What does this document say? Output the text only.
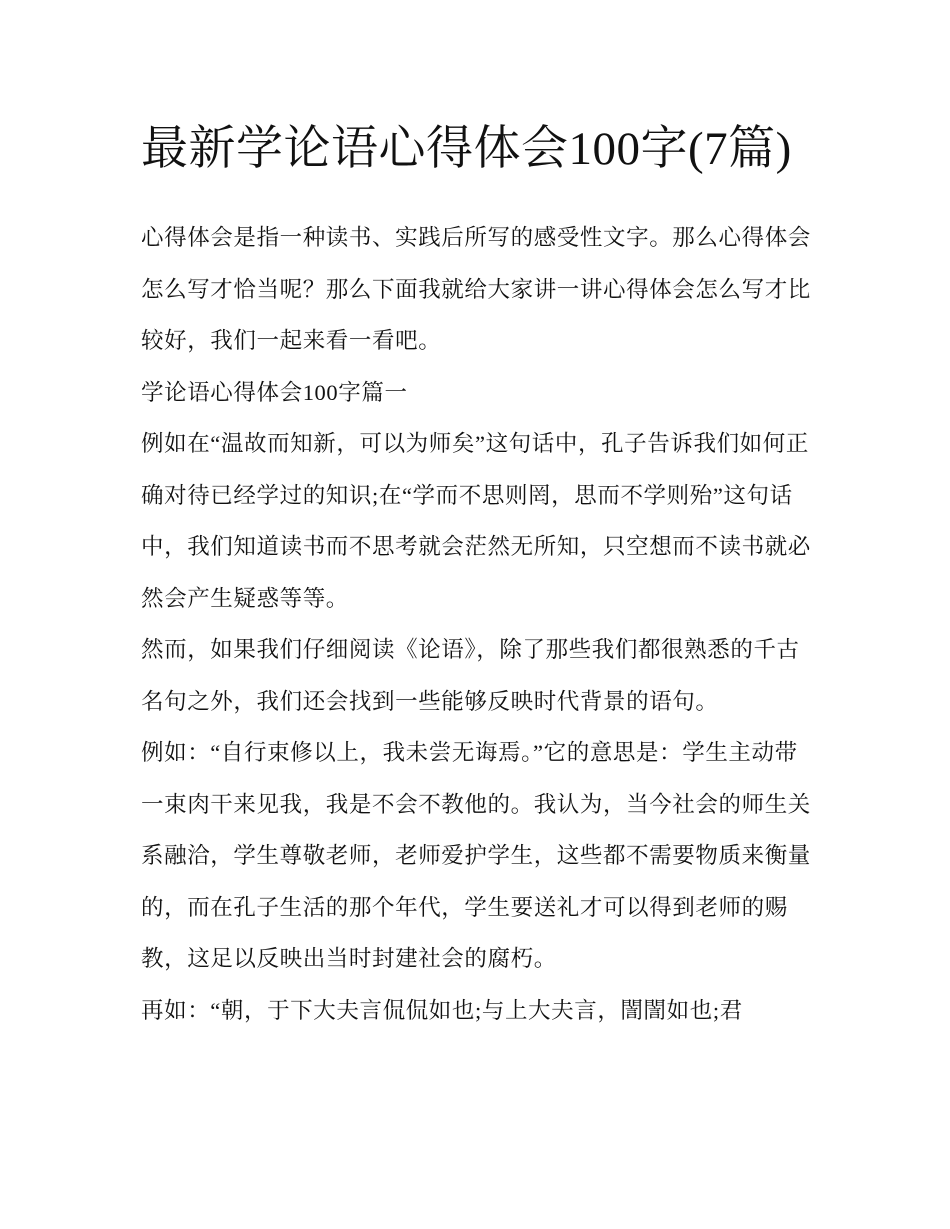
最新学论语心得体会100字(7篇)

心得体会是指一种读书、实践后所写的感受性文字。那么心得体会怎么写才恰当呢？那么下面我就给大家讲一讲心得体会怎么写才比较好，我们一起来看一看吧。

学论语心得体会100字篇一

例如在“温故而知新，可以为师矣”这句话中，孔子告诉我们如何正确对待已经学过的知识;在“学而不思则罔，思而不学则殆”这句话中，我们知道读书而不思考就会茫然无所知，只空想而不读书就必然会产生疑惑等等。

然而，如果我们仔细阅读《论语》，除了那些我们都很熟悉的千古名句之外，我们还会找到一些能够反映时代背景的语句。

例如：“自行束修以上，我未尝无诲焉。”它的意思是：学生主动带一束肉干来见我，我是不会不教他的。我认为，当今社会的师生关系融洽，学生尊敬老师，老师爱护学生，这些都不需要物质来衡量的，而在孔子生活的那个年代，学生要送礼才可以得到老师的赐教，这足以反映出当时封建社会的腐朽。

再如：“朝，于下大夫言侃侃如也;与上大夫言，誾誾如也;君
